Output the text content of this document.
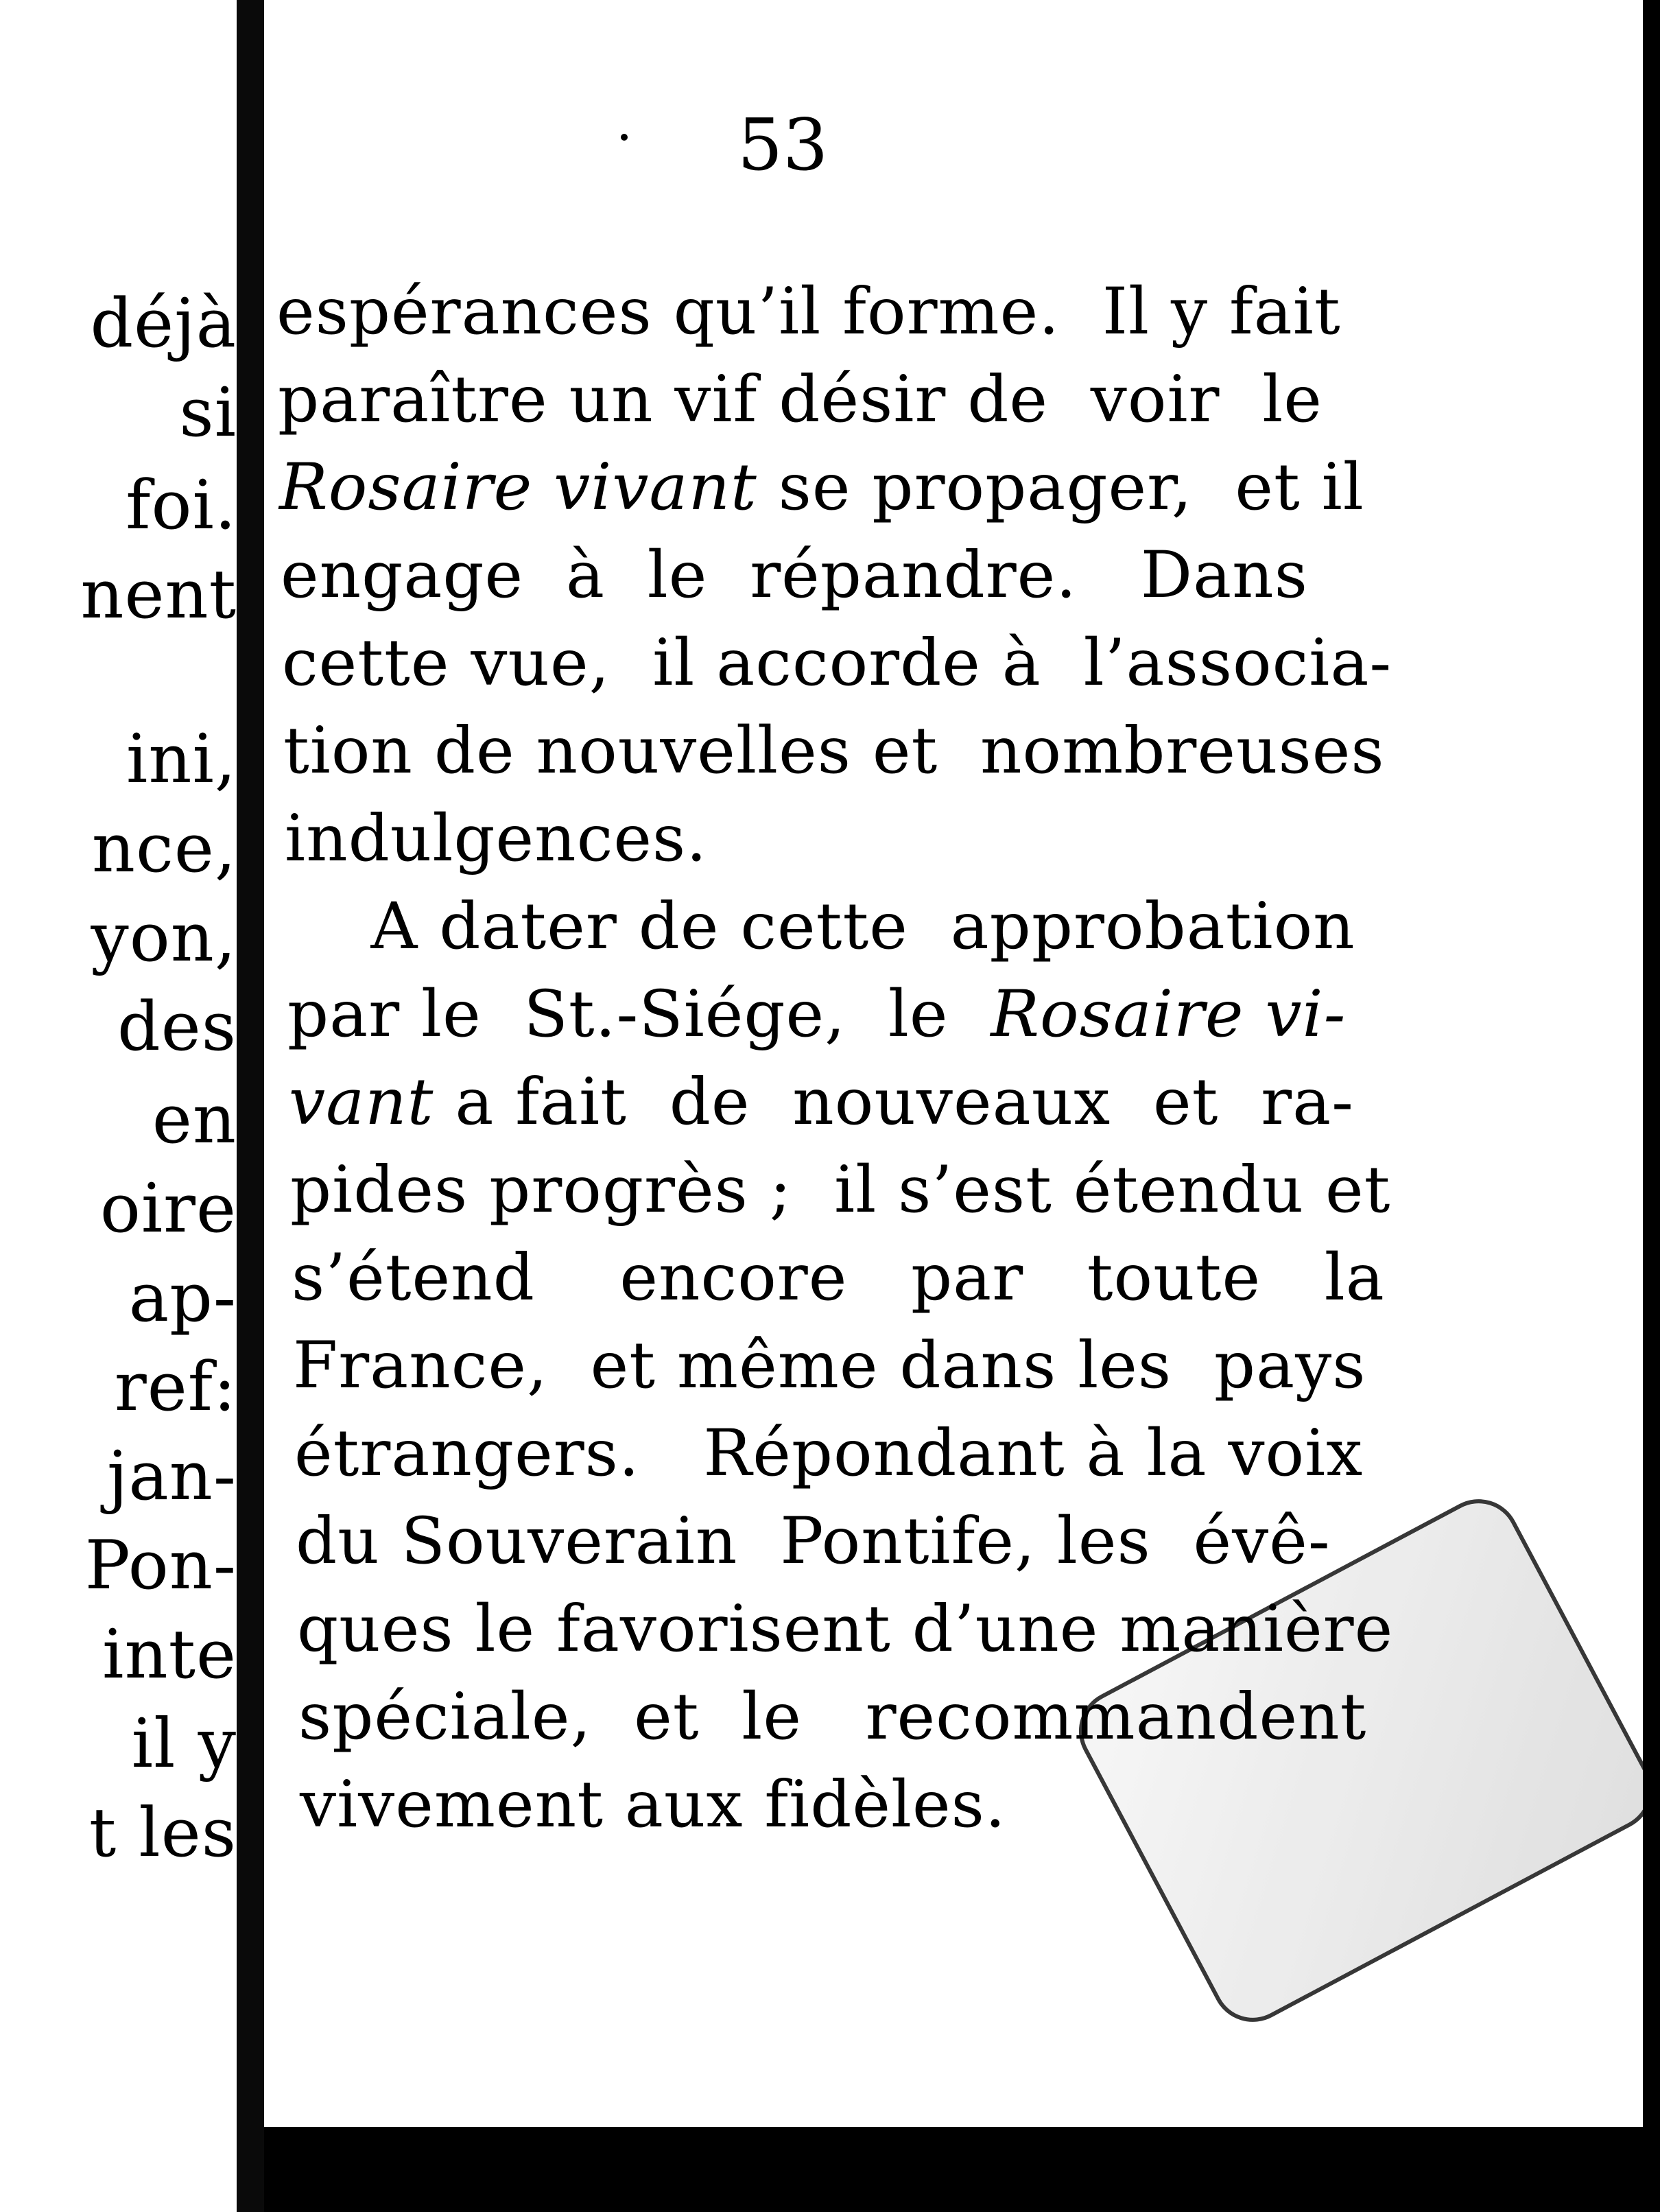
déjà
si
foi.
nent
ini,
nce,
yon,
des
en
oire
ap-
ref:
jan-
Pon-
inte
il y
t les
53
espérances qu’il forme.  Il y fait
paraître un vif désir de  voir  le
Rosaire vivant se propager,  et il
engage  à  le  répandre.   Dans
cette vue,  il accorde à  l’associa-
tion de nouvelles et  nombreuses
indulgences.
A dater de cette  approbation
par le  St.-Siége,  le  Rosaire vi-
vant a fait  de  nouveaux  et  ra-
pides progrès ;  il s’est étendu et
s’étend    encore   par   toute   la
France,  et même dans les  pays
étrangers.   Répondant à la voix
du Souverain  Pontife, les  évê-
ques le favorisent d’une manière
spéciale,  et  le   recommandent
vivement aux fidèles.
